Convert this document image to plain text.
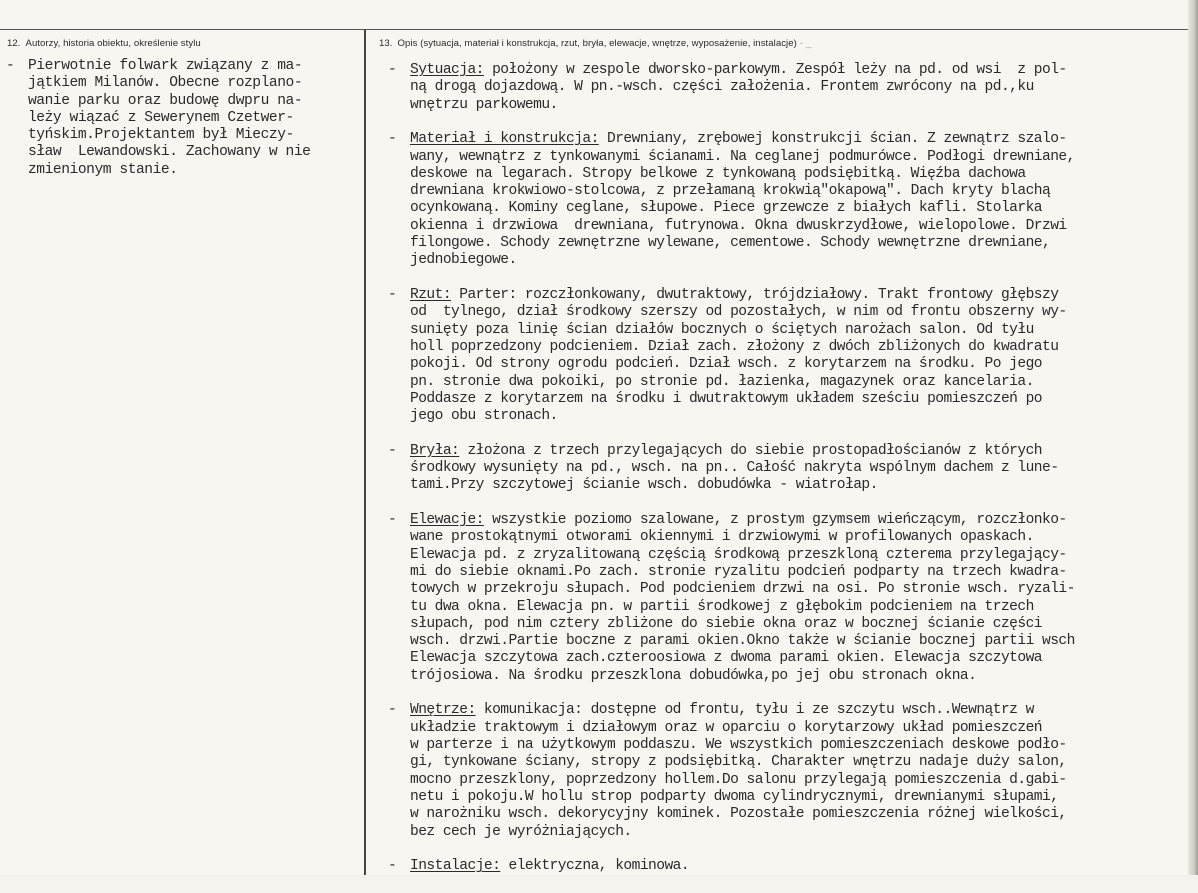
12. Autorzy, historia obiektu, określenie stylu	13. Opis (sytuacja, materiał i konstrukcja, rzut, bryła, elewacje, wnętrze, wyposażenie, instalacje) - _
- Pierwotnie folwark związany z ma-
jątkiem Milanów. Obecne rozplano-
wanie parku oraz budowę dwpru na-
leży wiązać z Sewerynem Czetwer-
tyńskim.Projektantem był Mieczy-
sław  Lewandowski. Zachowany w nie
zmienionym stanie.
- Sytuacja: położony w zespole dworsko-parkowym. Zespół leży na pd. od wsi  z pol-
ną drogą dojazdową. W pn.-wsch. części założenia. Frontem zwrócony na pd.,ku
wnętrzu parkowemu.
- Materiał i konstrukcja: Drewniany, zrębowej konstrukcji ścian. Z zewnątrz szalo-
wany, wewnątrz z tynkowanymi ścianami. Na ceglanej podmurówce. Podłogi drewniane,
deskowe na legarach. Stropy belkowe z tynkowaną podsiębitką. Więźba dachowa
drewniana krokwiowo-stolcowa, z przełamaną krokwią"okapową". Dach kryty blachą
ocynkowaną. Kominy ceglane, słupowe. Piece grzewcze z białych kafli. Stolarka
okienna i drzwiowa  drewniana, futrynowa. Okna dwuskrzydłowe, wielopolowe. Drzwi
filongowe. Schody zewnętrzne wylewane, cementowe. Schody wewnętrzne drewniane,
jednobiegowe.
- Rzut: Parter: rozczłonkowany, dwutraktowy, trójdziałowy. Trakt frontowy głębszy
od  tylnego, dział środkowy szerszy od pozostałych, w nim od frontu obszerny wy-
sunięty poza linię ścian działów bocznych o ściętych narożach salon. Od tyłu
holl poprzedzony podcieniem. Dział zach. złożony z dwóch zbliżonych do kwadratu
pokoji. Od strony ogrodu podcień. Dział wsch. z korytarzem na środku. Po jego
pn. stronie dwa pokoiki, po stronie pd. łazienka, magazynek oraz kancelaria.
Poddasze z korytarzem na środku i dwutraktowym układem sześciu pomieszczeń po
jego obu stronach.
- Bryła: złożona z trzech przylegających do siebie prostopadłościanów z których
środkowy wysunięty na pd., wsch. na pn.. Całość nakryta wspólnym dachem z lune-
tami.Przy szczytowej ścianie wsch. dobudówka - wiatrołap.
- Elewacje: wszystkie poziomo szalowane, z prostym gzymsem wieńczącym, rozczłonko-
wane prostokątnymi otworami okiennymi i drzwiowymi w profilowanych opaskach.
Elewacja pd. z zryzalitowaną częścią środkową przeszkloną czterema przylegający-
mi do siebie oknami.Po zach. stronie ryzalitu podcień podparty na trzech kwadra-
towych w przekroju słupach. Pod podcieniem drzwi na osi. Po stronie wsch. ryzali-
tu dwa okna. Elewacja pn. w partii środkowej z głębokim podcieniem na trzech
słupach, pod nim cztery zbliżone do siebie okna oraz w bocznej ścianie części
wsch. drzwi.Partie boczne z parami okien.Okno także w ścianie bocznej partii wsch
Elewacja szczytowa zach.czteroosiowa z dwoma parami okien. Elewacja szczytowa
trójosiowa. Na środku przeszklona dobudówka,po jej obu stronach okna.
- Wnętrze: komunikacja: dostępne od frontu, tyłu i ze szczytu wsch..Wewnątrz w
układzie traktowym i działowym oraz w oparciu o korytarzowy układ pomieszczeń
w parterze i na użytkowym poddaszu. We wszystkich pomieszczeniach deskowe podło-
gi, tynkowane ściany, stropy z podsiębitką. Charakter wnętrzu nadaje duży salon,
mocno przeszklony, poprzedzony hollem.Do salonu przylegają pomieszczenia d.gabi-
netu i pokoju.W hollu strop podparty dwoma cylindrycznymi, drewnianymi słupami,
w narożniku wsch. dekorycyjny kominek. Pozostałe pomieszczenia różnej wielkości,
bez cech je wyróżniających.
- Instalacje: elektryczna, kominowa.
